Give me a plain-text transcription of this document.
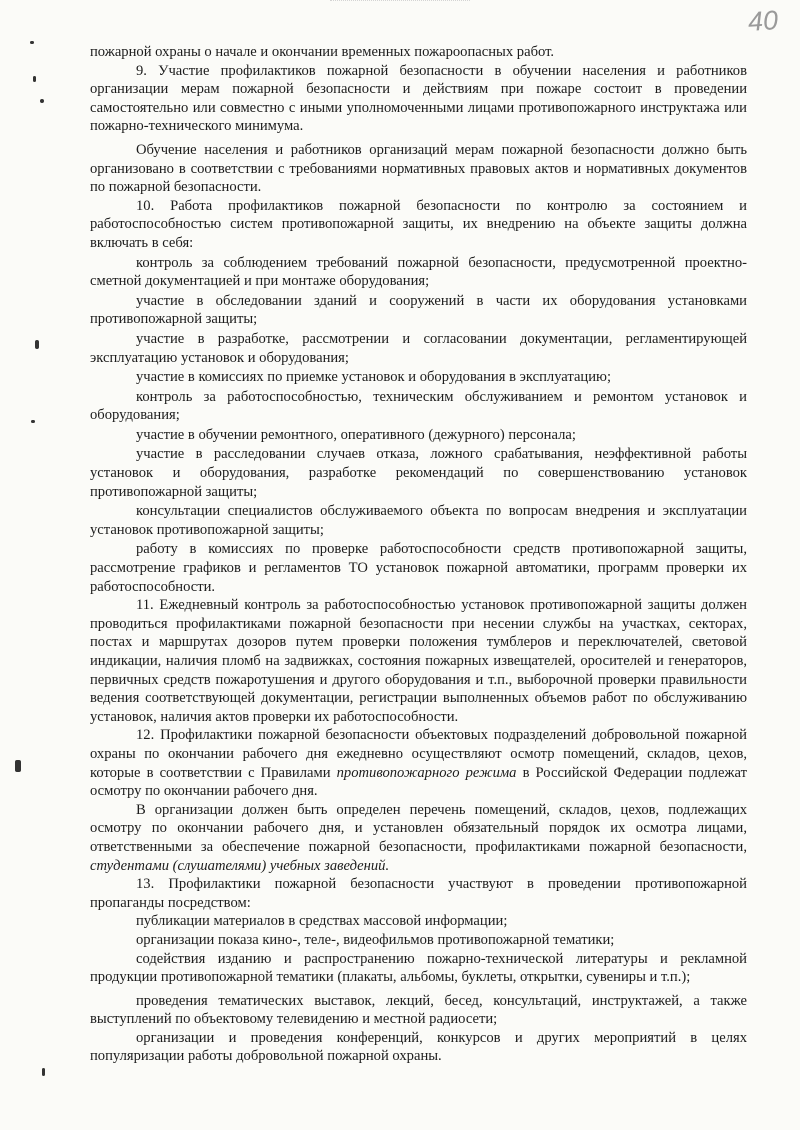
40

пожарной охраны о начале и окончании временных пожароопасных работ.

9. Участие профилактиков пожарной безопасности в обучении населения и работников организации мерам пожарной безопасности и действиям при пожаре состоит в проведении самостоятельно или совместно с иными уполномоченными лицами противопожарного инструктажа или пожарно-технического минимума.

Обучение населения и работников организаций мерам пожарной безопасности должно быть организовано в соответствии с требованиями нормативных правовых актов и нормативных документов по пожарной безопасности.

10. Работа профилактиков пожарной безопасности по контролю за состоянием и работоспособностью систем противопожарной защиты, их внедрению на объекте защиты должна включать в себя:

контроль за соблюдением требований пожарной безопасности, предусмотренной проектно-сметной документацией и при монтаже оборудования;

участие в обследовании зданий и сооружений в части их оборудования установками противопожарной защиты;

участие в разработке, рассмотрении и согласовании документации, регламентирующей эксплуатацию установок и оборудования;

участие в комиссиях по приемке установок и оборудования в эксплуатацию;

контроль за работоспособностью, техническим обслуживанием и ремонтом установок и оборудования;

участие в обучении ремонтного, оперативного (дежурного) персонала;

участие в расследовании случаев отказа, ложного срабатывания, неэффективной работы установок и оборудования, разработке рекомендаций по совершенствованию установок противопожарной защиты;

консультации специалистов обслуживаемого объекта по вопросам внедрения и эксплуатации установок противопожарной защиты;

работу в комиссиях по проверке работоспособности средств противопожарной защиты, рассмотрение графиков и регламентов ТО установок пожарной автоматики, программ проверки их работоспособности.

11. Ежедневный контроль за работоспособностью установок противопожарной защиты должен проводиться профилактиками пожарной безопасности при несении службы на участках, секторах, постах и маршрутах дозоров путем проверки положения тумблеров и переключателей, световой индикации, наличия пломб на задвижках, состояния пожарных извещателей, оросителей и генераторов, первичных средств пожаротушения и другого оборудования и т.п., выборочной проверки правильности ведения соответствующей документации, регистрации выполненных объемов работ по обслуживанию установок, наличия актов проверки их работоспособности.

12. Профилактики пожарной безопасности объектовых подразделений добровольной пожарной охраны по окончании рабочего дня ежедневно осуществляют осмотр помещений, складов, цехов, которые в соответствии с Правилами противопожарного режима в Российской Федерации подлежат осмотру по окончании рабочего дня.

В организации должен быть определен перечень помещений, складов, цехов, подлежащих осмотру по окончании рабочего дня, и установлен обязательный порядок их осмотра лицами, ответственными за обеспечение пожарной безопасности, профилактиками пожарной безопасности, студентами (слушателями) учебных заведений.

13. Профилактики пожарной безопасности участвуют в проведении противопожарной пропаганды посредством:

публикации материалов в средствах массовой информации;

организации показа кино-, теле-, видеофильмов противопожарной тематики;

содействия изданию и распространению пожарно-технической литературы и рекламной продукции противопожарной тематики (плакаты, альбомы, буклеты, открытки, сувениры и т.п.);

проведения тематических выставок, лекций, бесед, консультаций, инструктажей, а также выступлений по объектовому телевидению и местной радиосети;

организации и проведения конференций, конкурсов и других мероприятий в целях популяризации работы добровольной пожарной охраны.
